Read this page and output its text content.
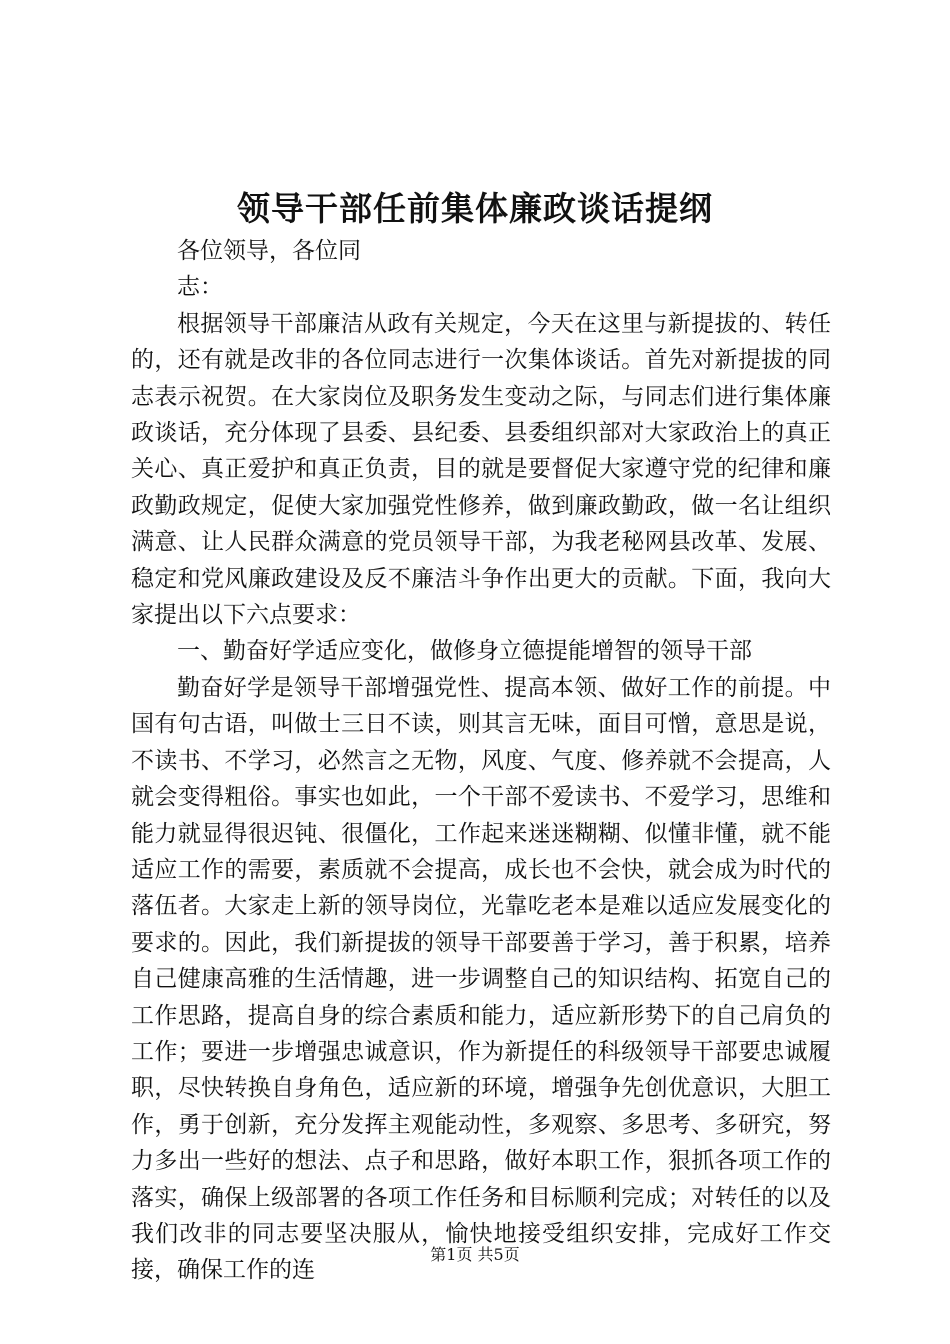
领导干部任前集体廉政谈话提纲

各位领导，各位同志：

根据领导干部廉洁从政有关规定，今天在这里与新提拔的、转任的，还有就是改非的各位同志进行一次集体谈话。首先对新提拔的同志表示祝贺。在大家岗位及职务发生变动之际，与同志们进行集体廉政谈话，充分体现了县委、县纪委、县委组织部对大家政治上的真正关心、真正爱护和真正负责，目的就是要督促大家遵守党的纪律和廉政勤政规定，促使大家加强党性修养，做到廉政勤政，做一名让组织满意、让人民群众满意的党员领导干部，为我老秘网县改革、发展、稳定和党风廉政建设及反不廉洁斗争作出更大的贡献。下面，我向大家提出以下六点要求：

一、勤奋好学适应变化，做修身立德提能增智的领导干部

勤奋好学是领导干部增强党性、提高本领、做好工作的前提。中国有句古语，叫做士三日不读，则其言无味，面目可憎，意思是说，不读书、不学习，必然言之无物，风度、气度、修养就不会提高，人就会变得粗俗。事实也如此，一个干部不爱读书、不爱学习，思维和能力就显得很迟钝、很僵化，工作起来迷迷糊糊、似懂非懂，就不能适应工作的需要，素质就不会提高，成长也不会快，就会成为时代的落伍者。大家走上新的领导岗位，光靠吃老本是难以适应发展变化的要求的。因此，我们新提拔的领导干部要善于学习，善于积累，培养自己健康高雅的生活情趣，进一步调整自己的知识结构、拓宽自己的工作思路，提高自身的综合素质和能力，适应新形势下的自己肩负的工作；要进一步增强忠诚意识，作为新提任的科级领导干部要忠诚履职，尽快转换自身角色，适应新的环境，增强争先创优意识，大胆工作，勇于创新，充分发挥主观能动性，多观察、多思考、多研究，努力多出一些好的想法、点子和思路，做好本职工作，狠抓各项工作的落实，确保上级部署的各项工作任务和目标顺利完成；对转任的以及我们改非的同志要坚决服从，愉快地接受组织安排，完成好工作交接，确保工作的连

第1页 共5页
